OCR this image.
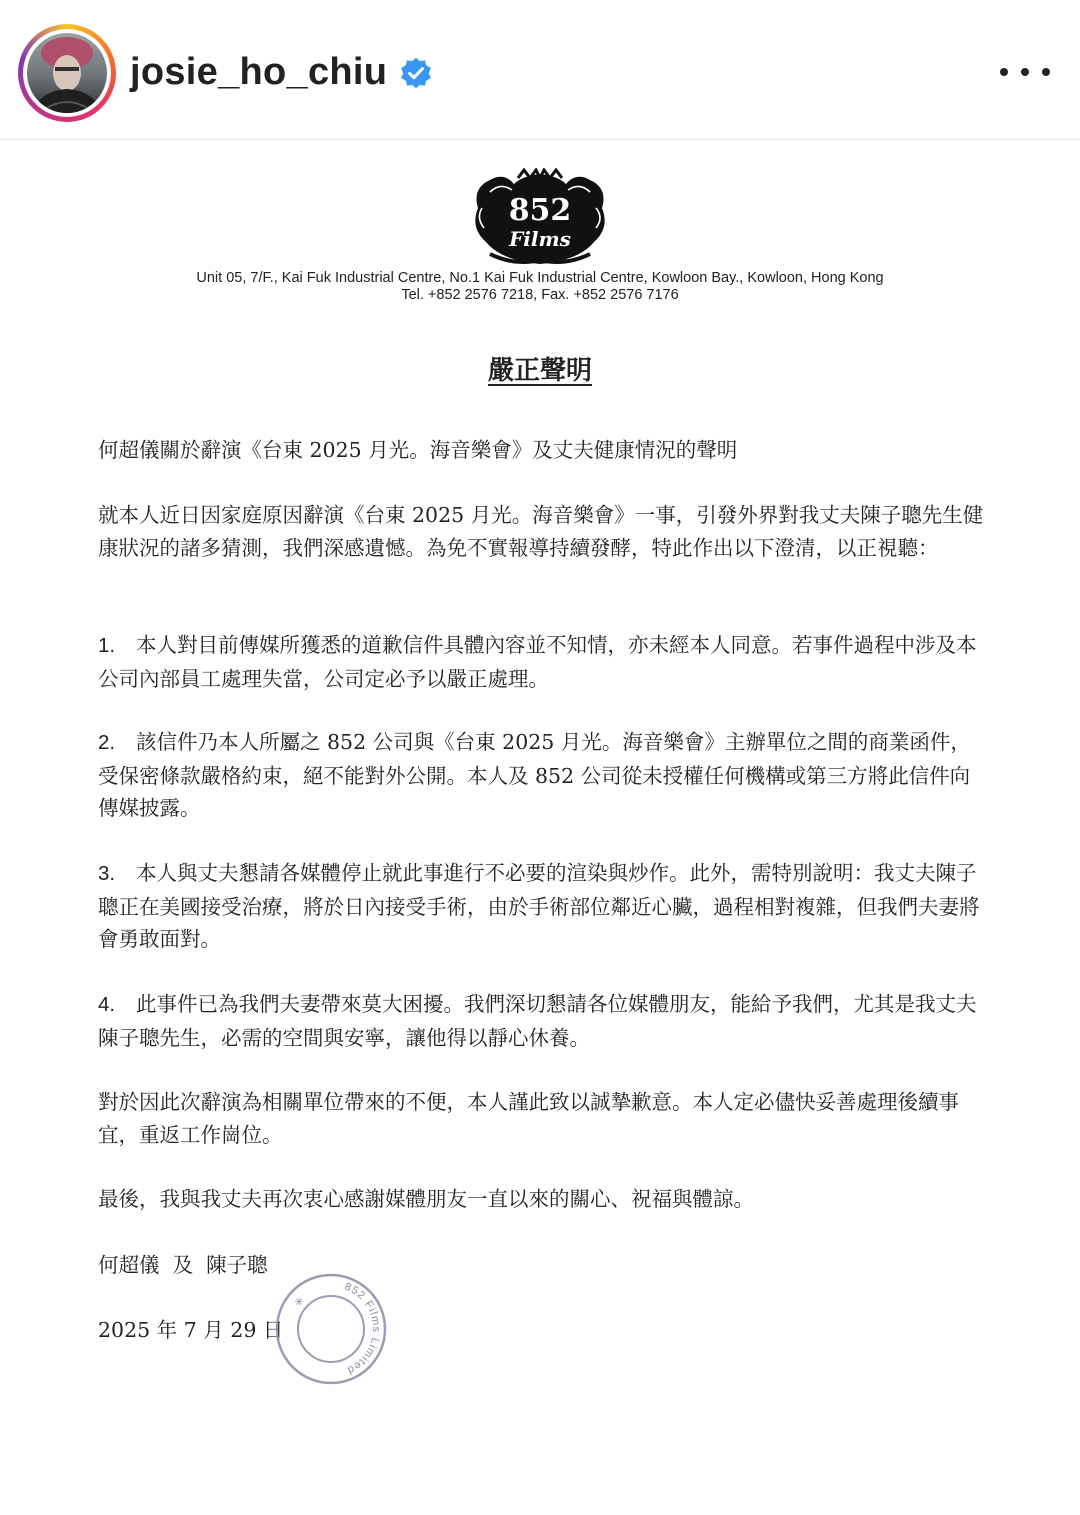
josie_ho_chiu
852
Films
Unit 05, 7/F., Kai Fuk Industrial Centre, No.1 Kai Fuk Industrial Centre, Kowloon Bay., Kowloon, Hong Kong
Tel. +852 2576 7218, Fax. +852 2576 7176
嚴正聲明
何超儀關於辭演《台東 2025 月光。海音樂會》及丈夫健康情況的聲明
就本人近日因家庭原因辭演《台東 2025 月光。海音樂會》一事，引發外界對我丈夫陳子聰先生健康狀況的諸多猜測，我們深感遺憾。為免不實報導持續發酵，特此作出以下澄清，以正視聽：
1. 本人對目前傳媒所獲悉的道歉信件具體內容並不知情，亦未經本人同意。若事件過程中涉及本公司內部員工處理失當，公司定必予以嚴正處理。
2. 該信件乃本人所屬之 852 公司與《台東 2025 月光。海音樂會》主辦單位之間的商業函件，受保密條款嚴格約束，絕不能對外公開。本人及 852 公司從未授權任何機構或第三方將此信件向傳媒披露。
3. 本人與丈夫懇請各媒體停止就此事進行不必要的渲染與炒作。此外，需特別說明：我丈夫陳子聰正在美國接受治療，將於日內接受手術，由於手術部位鄰近心臟，過程相對複雜，但我們夫妻將會勇敢面對。
4. 此事件已為我們夫妻帶來莫大困擾。我們深切懇請各位媒體朋友，能給予我們，尤其是我丈夫陳子聰先生，必需的空間與安寧，讓他得以靜心休養。
對於因此次辭演為相關單位帶來的不便，本人謹此致以誠摯歉意。本人定必儘快妥善處理後續事宜，重返工作崗位。
最後，我與我丈夫再次衷心感謝媒體朋友一直以來的關心、祝福與體諒。
何超儀  及  陳子聰
2025 年 7 月 29 日
852 Films Limited
✳
